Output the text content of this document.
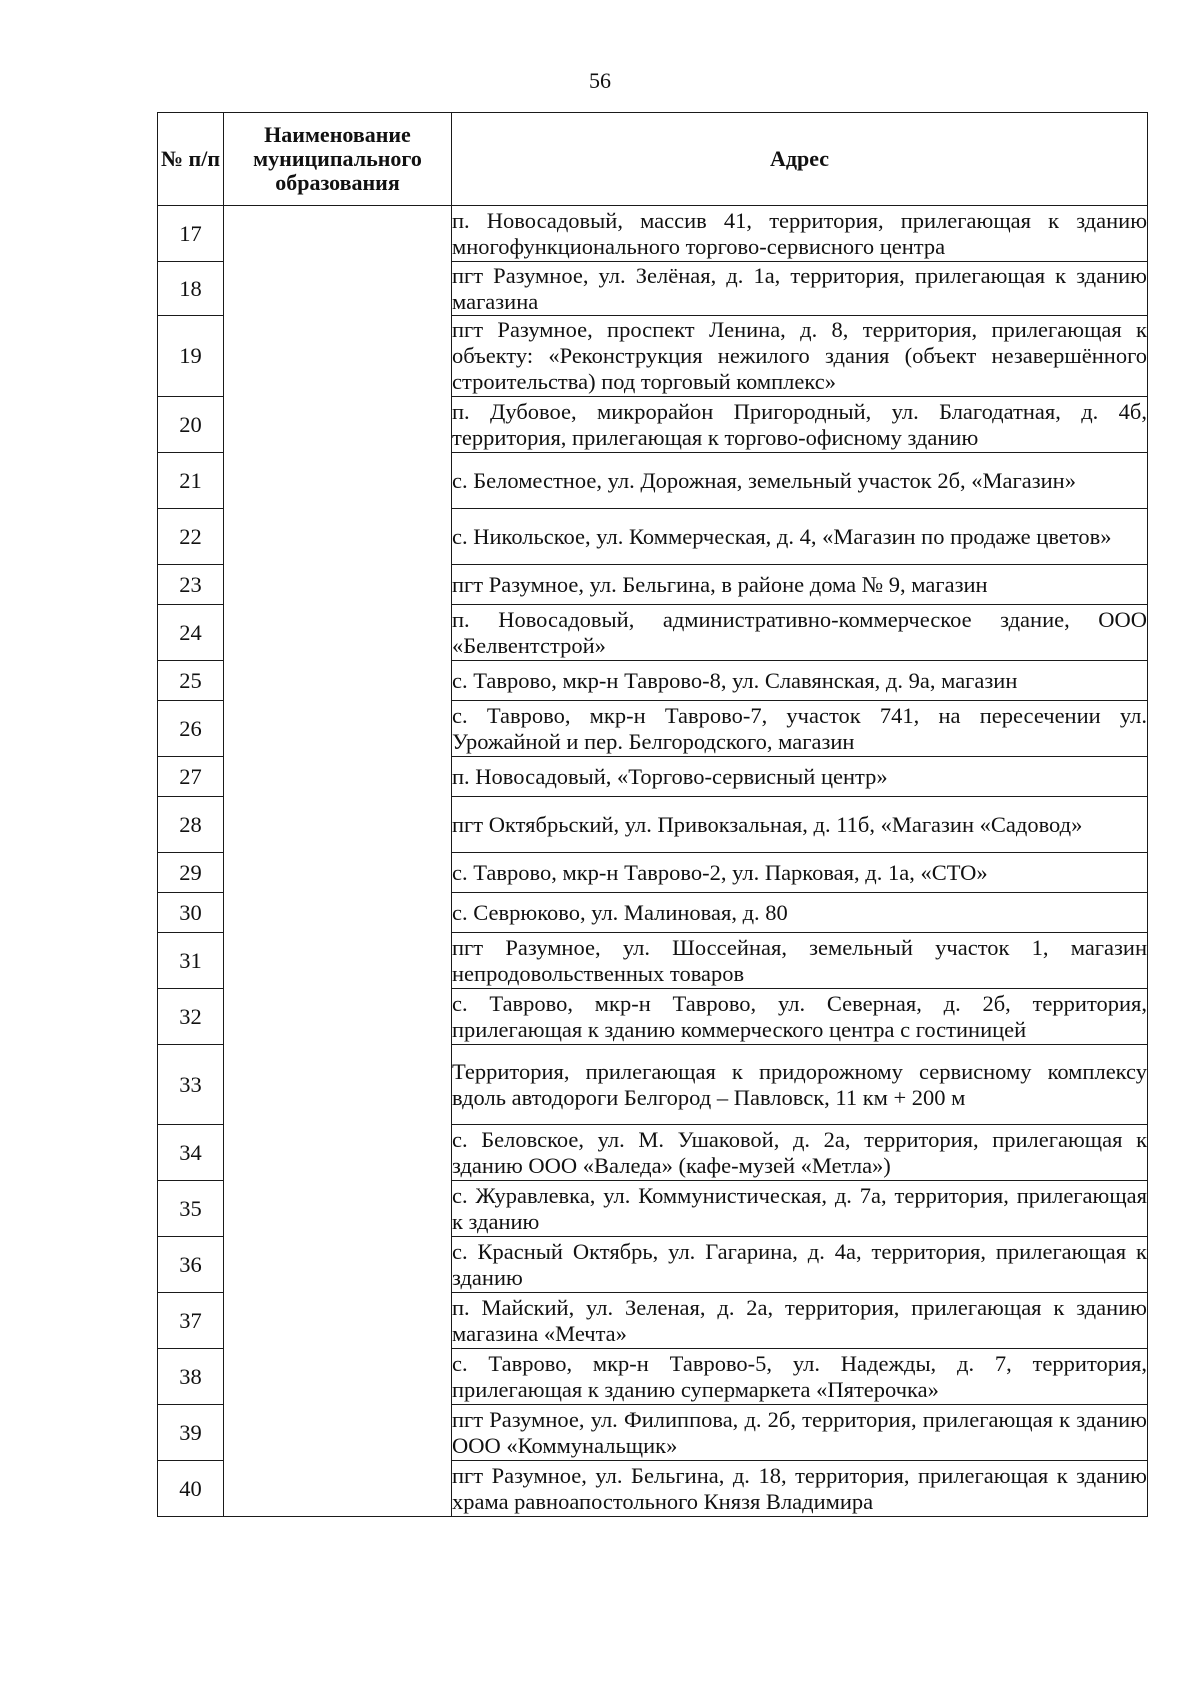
56
№ п/п	Наименование муниципального образования	Адрес
17		п. Новосадовый, массив 41, территория, прилегающая к зданию многофункционального торгово-сервисного центра
18		пгт Разумное, ул. Зелёная, д. 1а, территория, прилегающая к зданию магазина
19		пгт Разумное, проспект Ленина, д. 8, территория, прилегающая к объекту: «Реконструкция нежилого здания (объект незавершённого строительства) под торговый комплекс»
20		п. Дубовое, микрорайон Пригородный, ул. Благодатная, д. 4б, территория, прилегающая к торгово-офисному зданию
21		с. Беломестное, ул. Дорожная, земельный участок 2б, «Магазин»
22		с. Никольское, ул. Коммерческая, д. 4, «Магазин по продаже цветов»
23		пгт Разумное, ул. Бельгина, в районе дома № 9, магазин
24		п. Новосадовый, административно-коммерческое здание, ООО «Белвентстрой»
25		с. Таврово, мкр-н Таврово-8, ул. Славянская, д. 9а, магазин
26		с. Таврово, мкр-н Таврово-7, участок 741, на пересечении ул. Урожайной и пер. Белгородского, магазин
27		п. Новосадовый, «Торгово-сервисный центр»
28		пгт Октябрьский, ул. Привокзальная, д. 11б, «Магазин «Садовод»
29		с. Таврово, мкр-н Таврово-2, ул. Парковая, д. 1а, «СТО»
30		с. Севрюково, ул. Малиновая, д. 80
31		пгт Разумное, ул. Шоссейная, земельный участок 1, магазин непродовольственных товаров
32		с. Таврово, мкр-н Таврово, ул. Северная, д. 2б, территория, прилегающая к зданию коммерческого центра с гостиницей
33		Территория, прилегающая к придорожному сервисному комплексу вдоль автодороги Белгород – Павловск, 11 км + 200 м
34		с. Беловское, ул. М. Ушаковой, д. 2а, территория, прилегающая к зданию ООО «Валеда» (кафе-музей «Метла»)
35		с. Журавлевка, ул. Коммунистическая, д. 7а, территория, прилегающая к зданию
36		с. Красный Октябрь, ул. Гагарина, д. 4а, территория, прилегающая к зданию
37		п. Майский, ул. Зеленая, д. 2а, территория, прилегающая к зданию магазина «Мечта»
38		с. Таврово, мкр-н Таврово-5, ул. Надежды, д. 7, территория, прилегающая к зданию супермаркета «Пятерочка»
39		пгт Разумное, ул. Филиппова, д. 2б, территория, прилегающая к зданию ООО «Коммунальщик»
40		пгт Разумное, ул. Бельгина, д. 18, территория, прилегающая к зданию храма равноапостольного Князя Владимира
